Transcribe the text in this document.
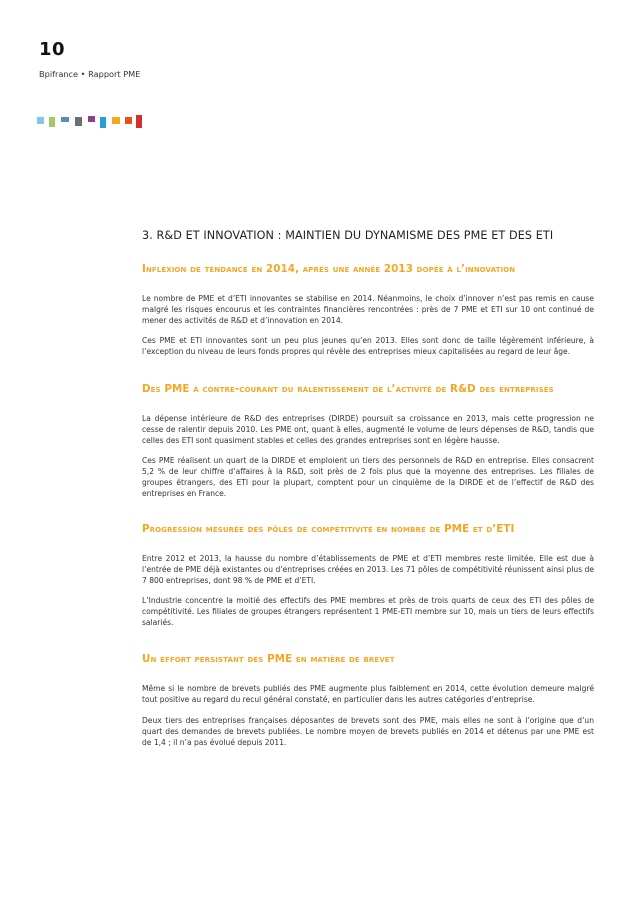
10
Bpifrance • Rapport PME
3. R&D ET INNOVATION : MAINTIEN DU DYNAMISME DES PME ET DES ETI
Inflexion de tendance en 2014, après une année 2013 dopée à l’innovation

Le nombre de PME et d’ETI innovantes se stabilise en 2014. Néanmoins, le choix d’innover n’est pas remis en cause malgré les risques encourus et les contraintes financières rencontrées : près de 7 PME et ETI sur 10 ont continué de mener des activités de R&D et d’innovation en 2014.

Ces PME et ETI innovantes sont un peu plus jeunes qu’en 2013. Elles sont donc de taille légèrement inférieure, à l’exception du niveau de leurs fonds propres qui révèle des entreprises mieux capitalisées au regard de leur âge.

Des PME à contre-courant du ralentissement de l’activité de R&D des entreprises

La dépense intérieure de R&D des entreprises (DIRDE) poursuit sa croissance en 2013, mais cette progression ne cesse de ralentir depuis 2010. Les PME ont, quant à elles, augmenté le volume de leurs dépenses de R&D, tandis que celles des ETI sont quasiment stables et celles des grandes entreprises sont en légère hausse.

Ces PME réalisent un quart de la DIRDE et emploient un tiers des personnels de R&D en entreprise. Elles consacrent 5,2 % de leur chiffre d’affaires à la R&D, soit près de 2 fois plus que la moyenne des entreprises. Les filiales de groupes étrangers, des ETI pour la plupart, comptent pour un cinquième de la DIRDE et de l’effectif de R&D des entreprises en France.

Progression mesurée des pôles de compétitivité en nombre de PME et d’ETI

Entre 2012 et 2013, la hausse du nombre d’établissements de PME et d’ETI membres reste limitée. Elle est due à l’entrée de PME déjà existantes ou d’entreprises créées en 2013. Les 71 pôles de compétitivité réunissent ainsi plus de 7 800 entreprises, dont 98 % de PME et d’ETI.

L’Industrie concentre la moitié des effectifs des PME membres et près de trois quarts de ceux des ETI des pôles de compétitivité. Les filiales de groupes étrangers représentent 1 PME-ETI membre sur 10, mais un tiers de leurs effectifs salariés.

Un effort persistant des PME en matière de brevet

Même si le nombre de brevets publiés des PME augmente plus faiblement en 2014, cette évolution demeure malgré tout positive au regard du recul général constaté, en particulier dans les autres catégories d’entreprise.

Deux tiers des entreprises françaises déposantes de brevets sont des PME, mais elles ne sont à l’origine que d’un quart des demandes de brevets publiées. Le nombre moyen de brevets publiés en 2014 et détenus par une PME est de 1,4 ; il n’a pas évolué depuis 2011.
